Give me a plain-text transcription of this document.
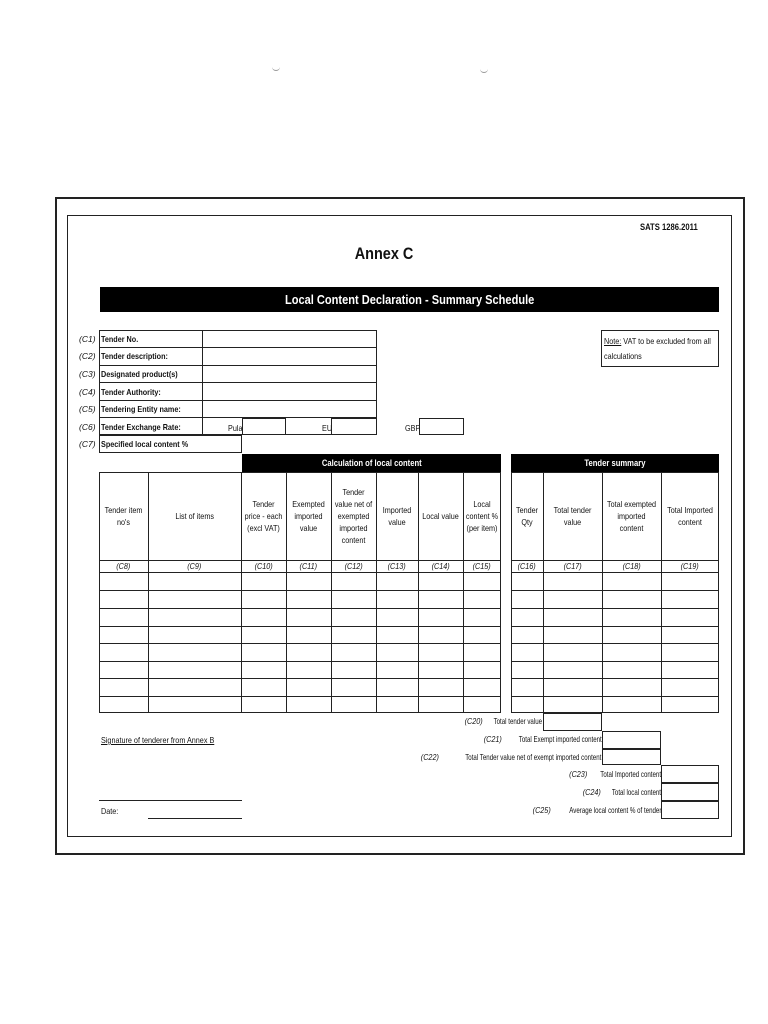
SATS 1286.2011
Annex C
Local Content Declaration - Summary Schedule
(C1) Tender No.
(C2) Tender description:
(C3) Designated product(s)
(C4) Tender Authority:
(C5) Tendering Entity name:
(C6) Tender Exchange Rate:
(C7) Specified local content %
Pula	EU	GBP
Note: VAT to be excluded from all calculations
Calculation of local content	Tender summary
Tender item no's
List of items
Tender price - each (excl VAT)
Exempted imported value
Tender value net of exempted imported content
Imported value
Local value
Local content % (per item)
Tender Qty
Total tender value
Total exempted imported content
Total Imported content
(C8)	(C9)	(C10)	(C11)	(C12)	(C13)	(C14)	(C15)	(C16)	(C17)	(C18)	(C19)
(C20) Total tender value
(C21) Total Exempt imported content
(C22)	Total Tender value net of exempt imported content
(C23) Total Imported content
(C24) Total local content
(C25) Average local content % of tender
Signature of tenderer from Annex B
Date:
